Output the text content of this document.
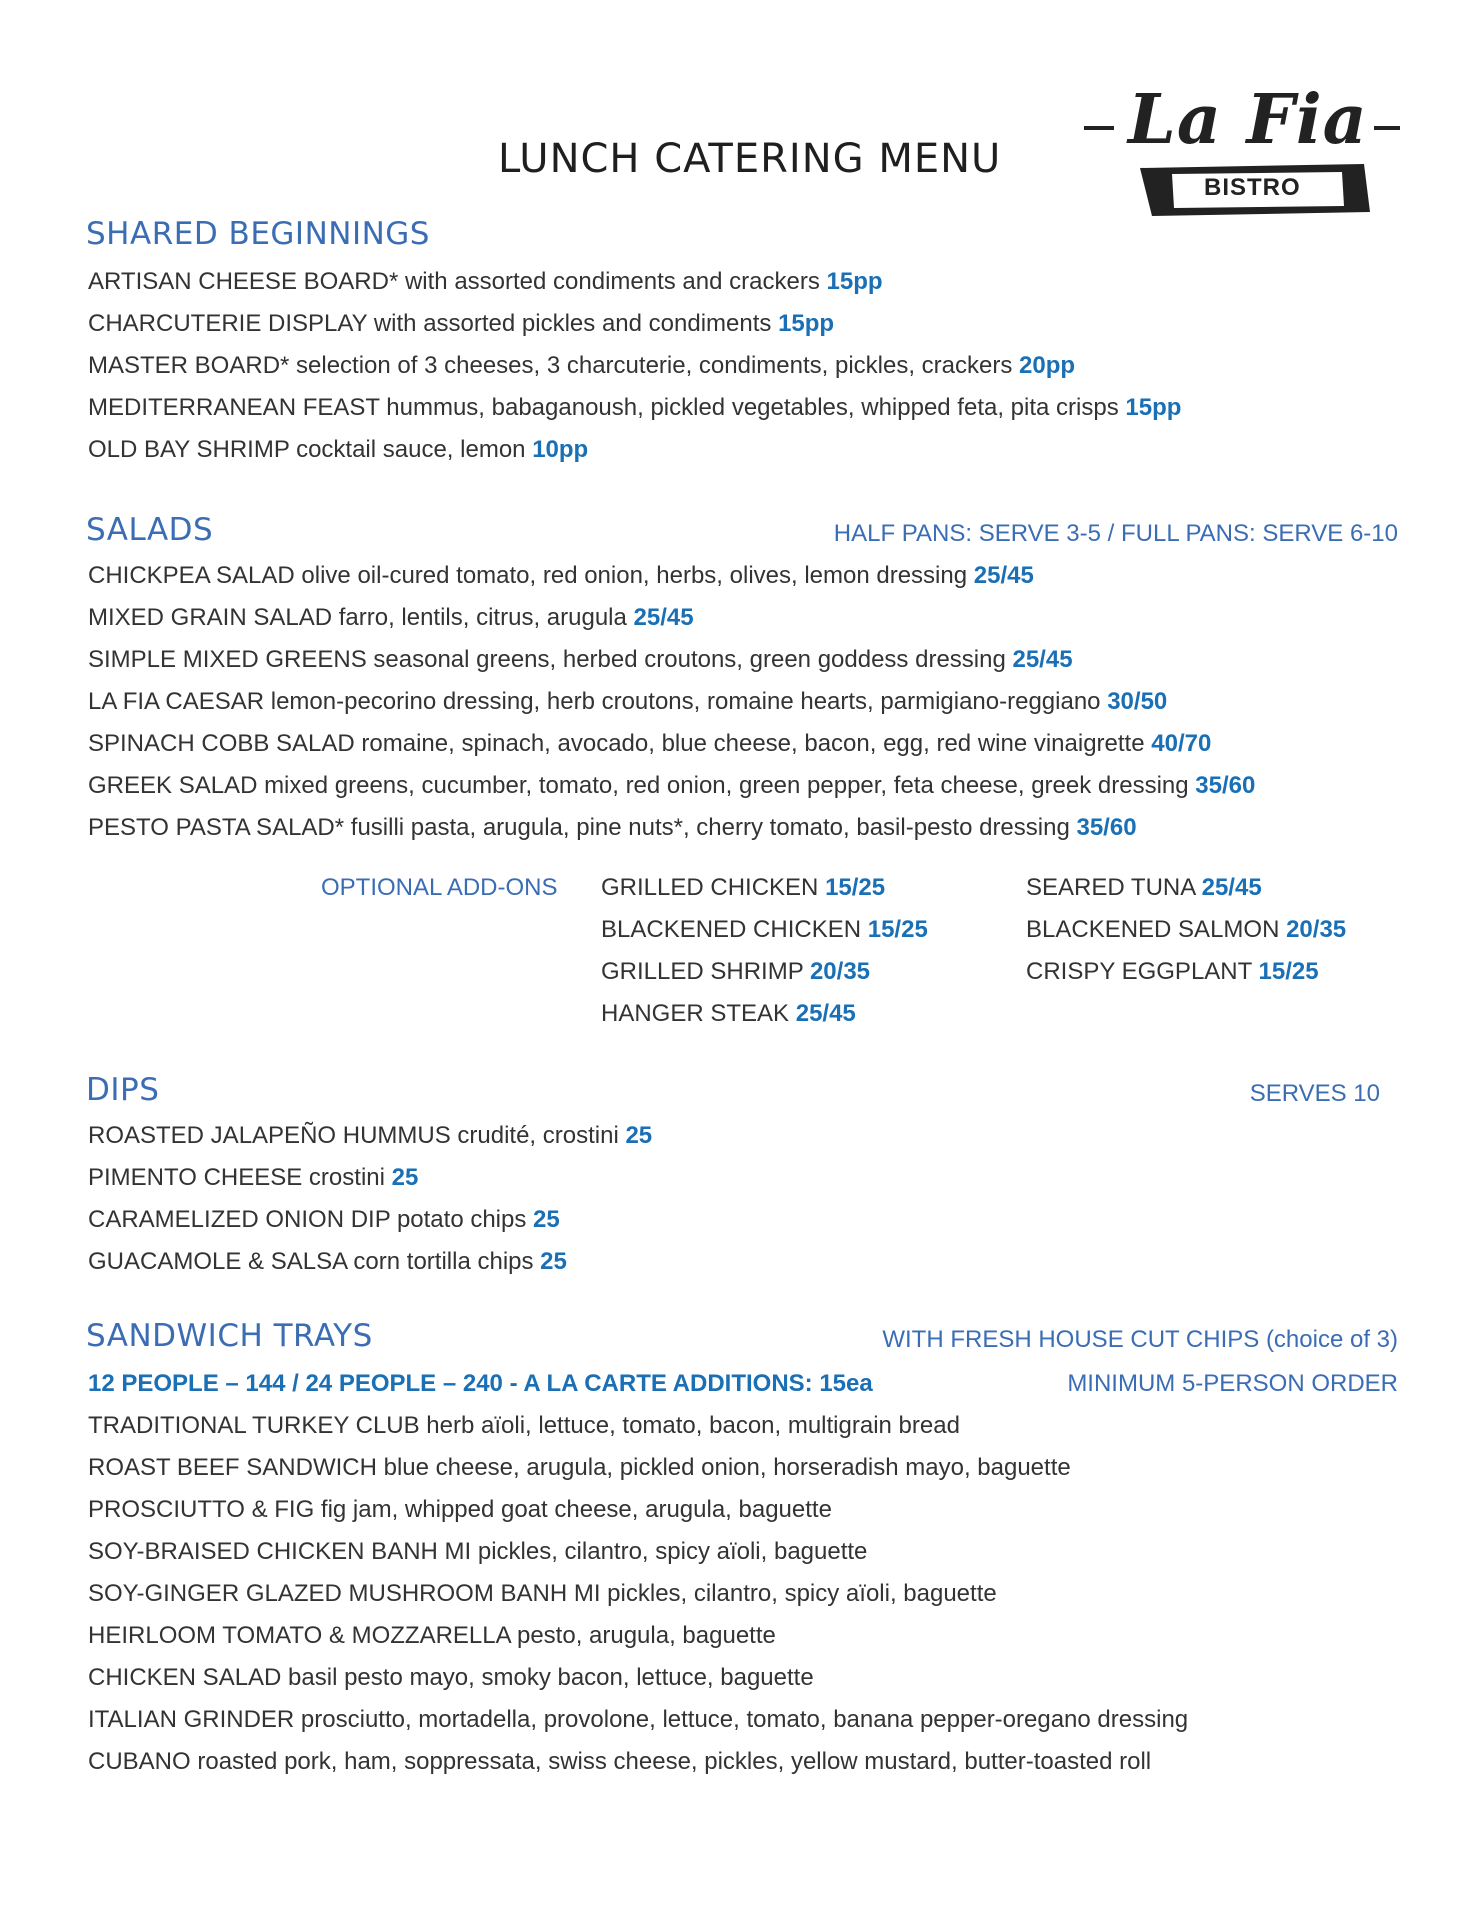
LUNCH CATERING MENU La Fia
BISTRO
SHARED BEGINNINGS
ARTISAN CHEESE BOARD* with assorted condiments and crackers 15pp
CHARCUTERIE DISPLAY with assorted pickles and condiments 15pp
MASTER BOARD* selection of 3 cheeses, 3 charcuterie, condiments, pickles, crackers 20pp
MEDITERRANEAN FEAST hummus, babaganoush, pickled vegetables, whipped feta, pita crisps 15pp
OLD BAY SHRIMP cocktail sauce, lemon 10pp
SALADS	HALF PANS: SERVE 3-5 / FULL PANS: SERVE 6-10
CHICKPEA SALAD olive oil-cured tomato, red onion, herbs, olives, lemon dressing 25/45
MIXED GRAIN SALAD farro, lentils, citrus, arugula 25/45
SIMPLE MIXED GREENS seasonal greens, herbed croutons, green goddess dressing 25/45
LA FIA CAESAR lemon-pecorino dressing, herb croutons, romaine hearts, parmigiano-reggiano 30/50
SPINACH COBB SALAD romaine, spinach, avocado, blue cheese, bacon, egg, red wine vinaigrette 40/70
GREEK SALAD mixed greens, cucumber, tomato, red onion, green pepper, feta cheese, greek dressing 35/60
PESTO PASTA SALAD* fusilli pasta, arugula, pine nuts*, cherry tomato, basil-pesto dressing 35/60
OPTIONAL ADD-ONS GRILLED CHICKEN 15/25
BLACKENED CHICKEN 15/25
GRILLED SHRIMP 20/35
HANGER STEAK 25/45
SEARED TUNA 25/45
BLACKENED SALMON 20/35
CRISPY EGGPLANT 15/25
DIPS	SERVES 10
ROASTED JALAPEÑO HUMMUS crudité, crostini 25
PIMENTO CHEESE crostini 25
CARAMELIZED ONION DIP potato chips 25
GUACAMOLE & SALSA corn tortilla chips 25
SANDWICH TRAYS	WITH FRESH HOUSE CUT CHIPS (choice of 3)
12 PEOPLE – 144 / 24 PEOPLE – 240 - A LA CARTE ADDITIONS: 15ea	MINIMUM 5-PERSON ORDER
TRADITIONAL TURKEY CLUB herb aïoli, lettuce, tomato, bacon, multigrain bread
ROAST BEEF SANDWICH blue cheese, arugula, pickled onion, horseradish mayo, baguette
PROSCIUTTO & FIG fig jam, whipped goat cheese, arugula, baguette
SOY-BRAISED CHICKEN BANH MI pickles, cilantro, spicy aïoli, baguette
SOY-GINGER GLAZED MUSHROOM BANH MI pickles, cilantro, spicy aïoli, baguette
HEIRLOOM TOMATO & MOZZARELLA pesto, arugula, baguette
CHICKEN SALAD basil pesto mayo, smoky bacon, lettuce, baguette
ITALIAN GRINDER prosciutto, mortadella, provolone, lettuce, tomato, banana pepper-oregano dressing
CUBANO roasted pork, ham, soppressata, swiss cheese, pickles, yellow mustard, butter-toasted roll
